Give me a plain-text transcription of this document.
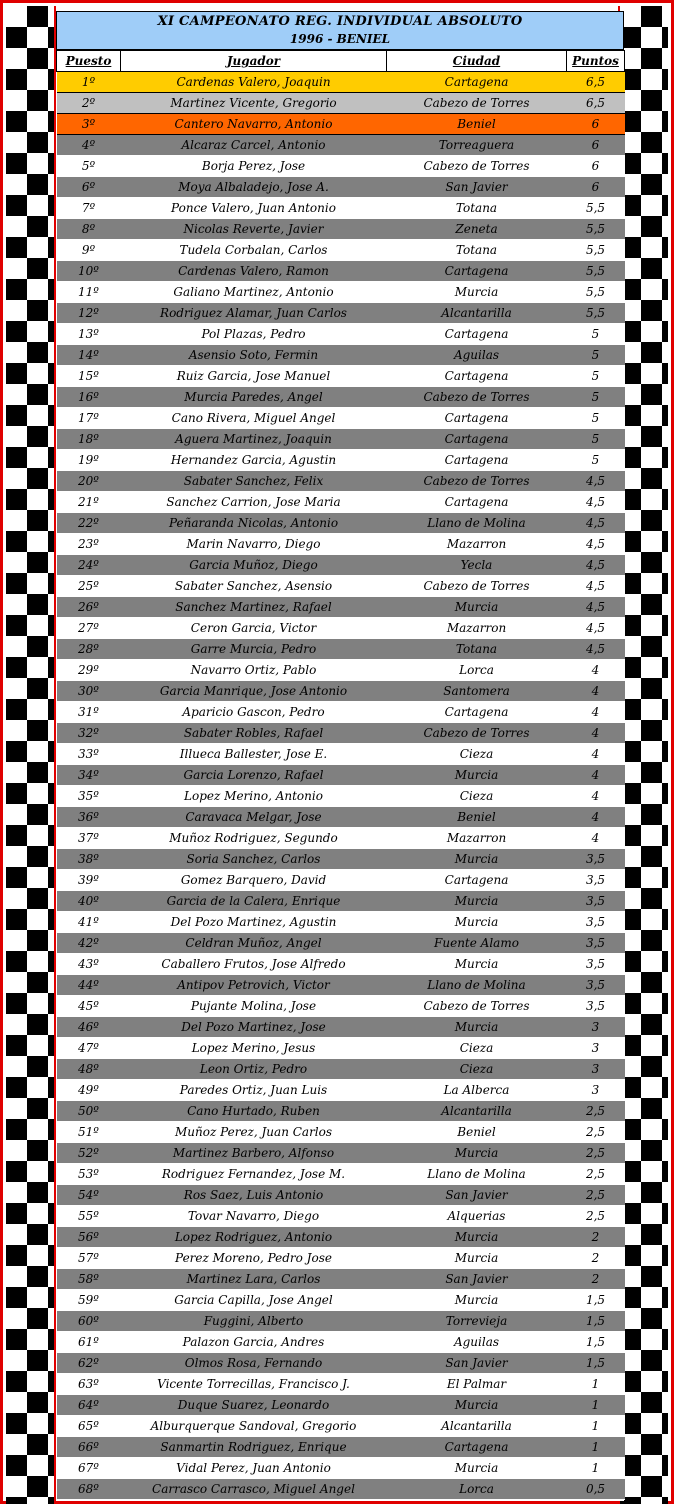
XI CAMPEONATO REG. INDIVIDUAL ABSOLUTO
1996 - BENIEL
Puesto	Jugador	Ciudad	Puntos
1º	Cardenas Valero, Joaquin	Cartagena	6,5
2º	Martinez Vicente, Gregorio	Cabezo de Torres	6,5
3º	Cantero Navarro, Antonio	Beniel	6
4º	Alcaraz Carcel, Antonio	Torreaguera	6
5º	Borja Perez, Jose	Cabezo de Torres	6
6º	Moya Albaladejo, Jose A.	San Javier	6
7º	Ponce Valero, Juan Antonio	Totana	5,5
8º	Nicolas Reverte, Javier	Zeneta	5,5
9º	Tudela Corbalan, Carlos	Totana	5,5
10º	Cardenas Valero, Ramon	Cartagena	5,5
11º	Galiano Martinez, Antonio	Murcia	5,5
12º	Rodriguez Alamar, Juan Carlos	Alcantarilla	5,5
13º	Pol Plazas, Pedro	Cartagena	5
14º	Asensio Soto, Fermin	Aguilas	5
15º	Ruiz Garcia, Jose Manuel	Cartagena	5
16º	Murcia Paredes, Angel	Cabezo de Torres	5
17º	Cano Rivera, Miguel Angel	Cartagena	5
18º	Aguera Martinez, Joaquin	Cartagena	5
19º	Hernandez Garcia, Agustin	Cartagena	5
20º	Sabater Sanchez, Felix	Cabezo de Torres	4,5
21º	Sanchez Carrion, Jose Maria	Cartagena	4,5
22º	Peñaranda Nicolas, Antonio	Llano de Molina	4,5
23º	Marin Navarro, Diego	Mazarron	4,5
24º	Garcia Muñoz, Diego	Yecla	4,5
25º	Sabater Sanchez, Asensio	Cabezo de Torres	4,5
26º	Sanchez Martinez, Rafael	Murcia	4,5
27º	Ceron Garcia, Victor	Mazarron	4,5
28º	Garre Murcia, Pedro	Totana	4,5
29º	Navarro Ortiz, Pablo	Lorca	4
30º	Garcia Manrique, Jose Antonio	Santomera	4
31º	Aparicio Gascon, Pedro	Cartagena	4
32º	Sabater Robles, Rafael	Cabezo de Torres	4
33º	Illueca Ballester, Jose E.	Cieza	4
34º	Garcia Lorenzo, Rafael	Murcia	4
35º	Lopez Merino, Antonio	Cieza	4
36º	Caravaca Melgar, Jose	Beniel	4
37º	Muñoz Rodriguez, Segundo	Mazarron	4
38º	Soria Sanchez, Carlos	Murcia	3,5
39º	Gomez Barquero, David	Cartagena	3,5
40º	Garcia de la Calera, Enrique	Murcia	3,5
41º	Del Pozo Martinez, Agustin	Murcia	3,5
42º	Celdran Muñoz, Angel	Fuente Alamo	3,5
43º	Caballero Frutos, Jose Alfredo	Murcia	3,5
44º	Antipov Petrovich, Victor	Llano de Molina	3,5
45º	Pujante Molina, Jose	Cabezo de Torres	3,5
46º	Del Pozo Martinez, Jose	Murcia	3
47º	Lopez Merino, Jesus	Cieza	3
48º	Leon Ortiz, Pedro	Cieza	3
49º	Paredes Ortiz, Juan Luis	La Alberca	3
50º	Cano Hurtado, Ruben	Alcantarilla	2,5
51º	Muñoz Perez, Juan Carlos	Beniel	2,5
52º	Martinez Barbero, Alfonso	Murcia	2,5
53º	Rodriguez Fernandez, Jose M.	Llano de Molina	2,5
54º	Ros Saez, Luis Antonio	San Javier	2,5
55º	Tovar Navarro, Diego	Alquerias	2,5
56º	Lopez Rodriguez, Antonio	Murcia	2
57º	Perez Moreno, Pedro Jose	Murcia	2
58º	Martinez Lara, Carlos	San Javier	2
59º	Garcia Capilla, Jose Angel	Murcia	1,5
60º	Fuggini, Alberto	Torrevieja	1,5
61º	Palazon Garcia, Andres	Aguilas	1,5
62º	Olmos Rosa, Fernando	San Javier	1,5
63º	Vicente Torrecillas, Francisco J.	El Palmar	1
64º	Duque Suarez, Leonardo	Murcia	1
65º	Alburquerque Sandoval, Gregorio	Alcantarilla	1
66º	Sanmartin Rodriguez, Enrique	Cartagena	1
67º	Vidal Perez, Juan Antonio	Murcia	1
68º	Carrasco Carrasco, Miguel Angel	Lorca	0,5
